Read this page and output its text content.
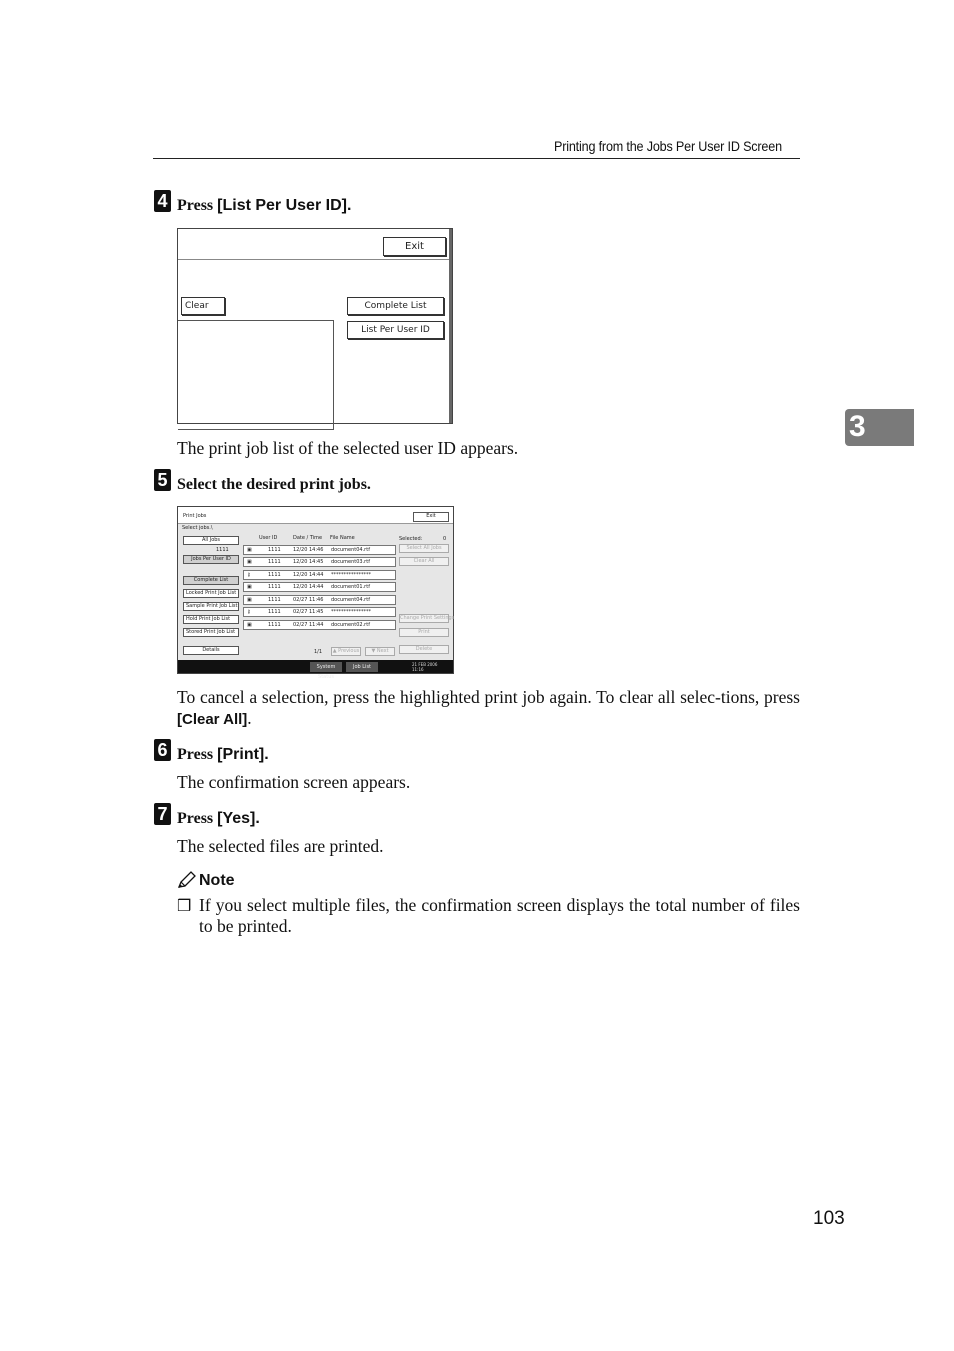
Printing from the Jobs Per User ID Screen
3
4 Press [List Per User ID].
Exit
Clear	Complete List
List Per User ID
The print job list of the selected user ID appears.
5 Select the desired print jobs.
Print Jobs	Exit
Select jobs.\
All Jobs
1111
Jobs Per User ID
Complete List
Locked Print Job List
Sample Print Job List
Hold Print Job List
Stored Print Job List
Details
User ID	Date / Time File Name	Selected:	0
▣	1111 12/20 14:46 document04.rtf
▣	1111 12/20 14:45 document03.rtf
⚷	1111 12/20 14:44 ****************
▣	1111 12/20 14:44 document01.rtf
▣	1111 02/27 11:46 document04.rtf
⚷	1111 02/27 11:45 ****************
▣	1111 02/27 11:44 document02.rtf
Select All Jobs
Clear All
Change Print Settings
Print
Delete
1/1	▲ Previous	▼ Next
System Status
Job List	21 FEB 2006 11:16
To cancel a selection, press the highlighted print job again. To clear all selec-tions, press [Clear All].
6 Press [Print].
The confirmation screen appears.
7 Press [Yes].
The selected files are printed.
Note
❒ If you select multiple files, the confirmation screen displays the total number of files to be printed.
103
